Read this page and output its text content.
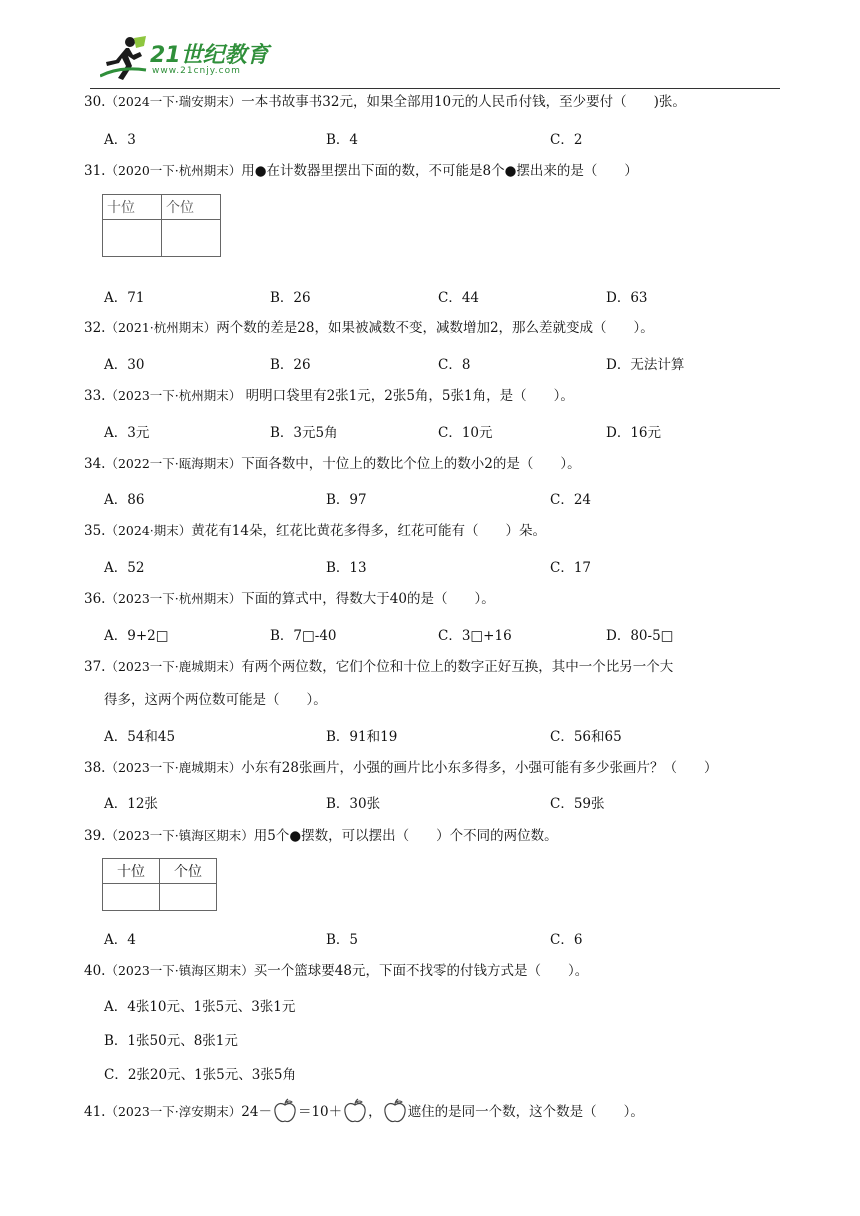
21世纪教育
www.21cnjy.com
30.（2024一下·瑞安期末）一本书故事书32元，如果全部用10元的人民币付钱，至少要付（　　)张。
A．3	B．4	C．2
31.（2020一下·杭州期末）用●在计数器里摆出下面的数，不可能是8个●摆出来的是（　　）
十位	个位

A．71	B．26	C．44	D．63
32.（2021·杭州期末）两个数的差是28，如果被减数不变，减数增加2，那么差就变成（　　）。
A．30	B．26	C．8	D．无法计算
33.（2023一下·杭州期末） 明明口袋里有2张1元，2张5角，5张1角，是（　　）。
A．3元	B．3元5角	C．10元	D．16元
34.（2022一下·瓯海期末）下面各数中，十位上的数比个位上的数小2的是（　　）。
A．86	B．97	C．24
35.（2024·期末）黄花有14朵，红花比黄花多得多，红花可能有（　　）朵。
A．52	B．13	C．17
36.（2023一下·杭州期末）下面的算式中，得数大于40的是（　　）。
A．9+2□	B．7□-40	C．3□+16	D．80-5□
37.（2023一下·鹿城期末）有两个两位数，它们个位和十位上的数字正好互换，其中一个比另一个大
得多，这两个两位数可能是（　　）。
A．54和45	B．91和19	C．56和65
38.（2023一下·鹿城期末）小东有28张画片，小强的画片比小东多得多，小强可能有多少张画片？（　　）
A．12张	B．30张	C．59张
39.（2023一下·镇海区期末）用5个●摆数，可以摆出（　　）个不同的两位数。
十位	个位

A．4	B．5	C．6
40.（2023一下·镇海区期末）买一个篮球要48元，下面不找零的付钱方式是（　　）。
A．4张10元、1张5元、3张1元
B．1张50元、8张1元
C．2张20元、1张5元、3张5角
41.（2023一下·淳安期末）24－ ＝10＋ ， 遮住的是同一个数，这个数是（　　）。
